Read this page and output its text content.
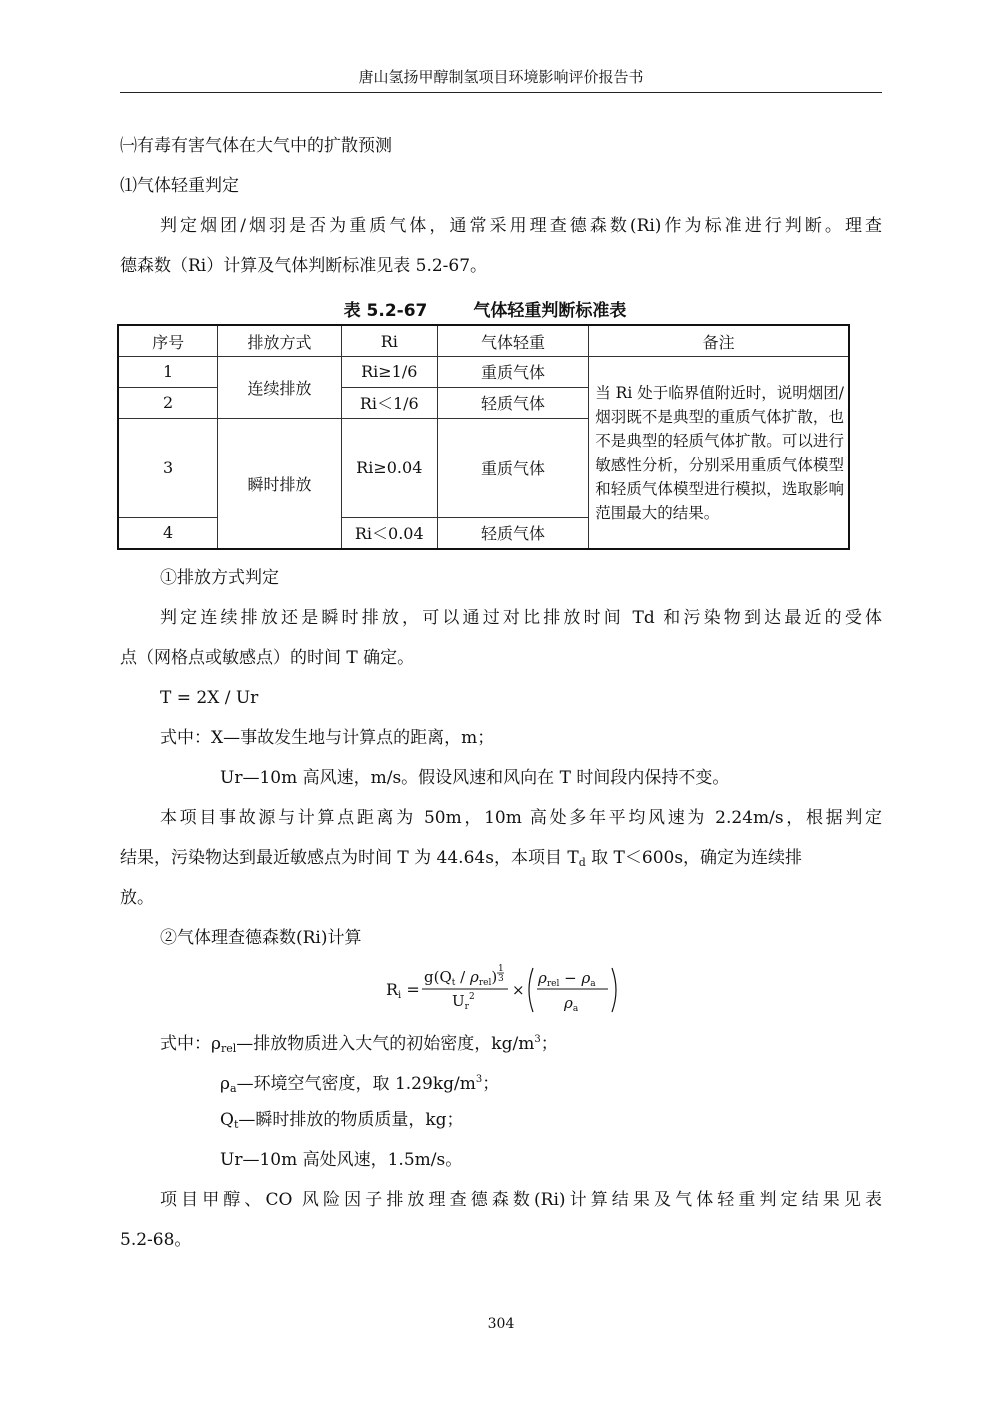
唐山氢扬甲醇制氢项目环境影响评价报告书
㈠有毒有害气体在大气中的扩散预测
⑴气体轻重判定
判定烟团/烟羽是否为重质气体，通常采用理查德森数(Ri)作为标准进行判断。理查
德森数（Ri）计算及气体判断标准见表 5.2-67。
表 5.2-67	气体轻重判断标准表
序号	排放方式	Ri	气体轻重	备注
1	连续排放	Ri≥1/6	重质气体	当 Ri 处于临界值附近时，说明烟团/烟羽既不是典型的重质气体扩散，也不是典型的轻质气体扩散。可以进行敏感性分析，分别采用重质气体模型和轻质气体模型进行模拟，选取影响范围最大的结果。
2		Ri＜1/6	轻质气体	
3	瞬时排放	Ri≥0.04	重质气体	
4		Ri＜0.04	轻质气体	
①排放方式判定
判定连续排放还是瞬时排放，可以通过对比排放时间 Td 和污染物到达最近的受体
点（网格点或敏感点）的时间 T 确定。
T = 2X / Ur
式中：X—事故发生地与计算点的距离，m；
Ur—10m 高风速，m/s。假设风速和风向在 T 时间段内保持不变。
本项目事故源与计算点距离为 50m，10m 高处多年平均风速为 2.24m/s，根据判定
结果，污染物达到最近敏感点为时间 T 为 44.64s，本项目 $T_d$ 取 T＜600s，确定为连续排
放。
②气体理查德森数(Ri)计算
Ri =
$g(Q_t / \rho_{rel})$ 1
3
$U_r^2$ ×
$\rho_{rel} - \rho_a$
$\rho_a$
式中：$\rho_{rel}—$排放物质进入大气的初始密度，$kg/m^3$；
$\rho_a—$环境空气密度，取 $1.29kg/m^3$；
$Q_t—$瞬时排放的物质质量，kg；
Ur—10m 高处风速，1.5m/s。
项目甲醇、CO 风险因子排放理查德森数(Ri)计算结果及气体轻重判定结果见表
5.2-68。
304
